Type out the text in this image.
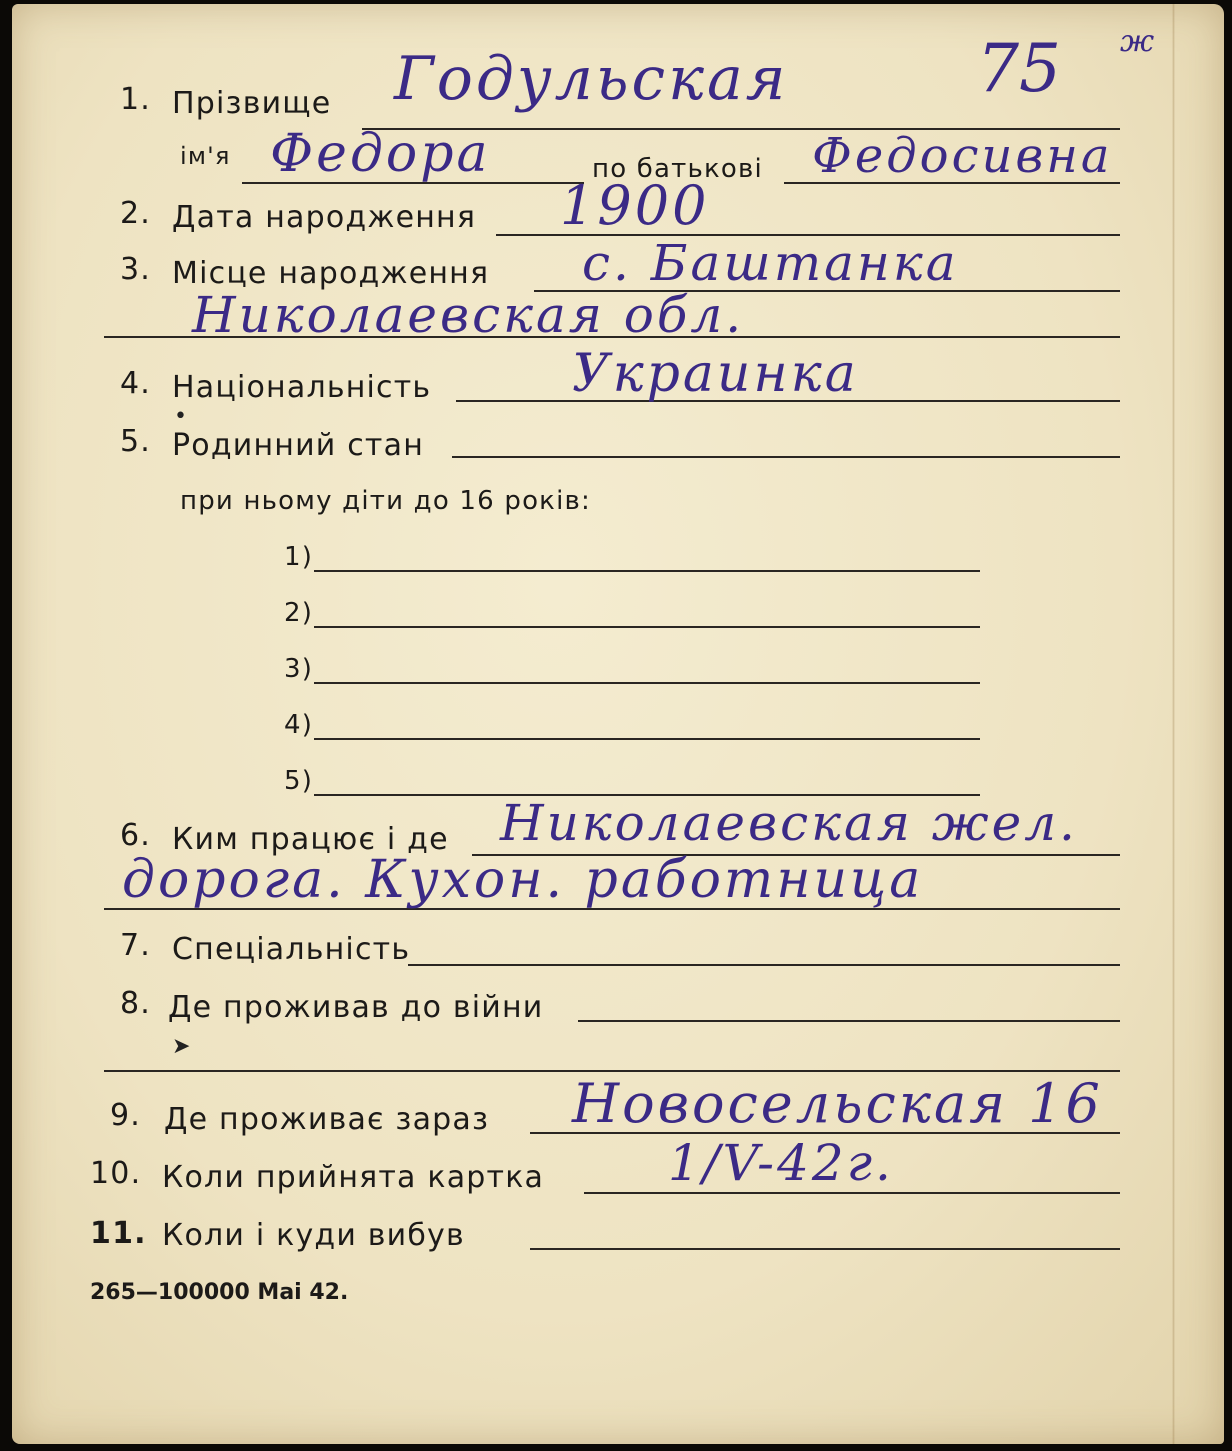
75 ж
1. Прізвище Годульская
ім'я Федора	по батькові Федосивна
2. Дата народження 1900
3. Місце народження с. Баштанка
Николаевская обл.
4. Національність	Украинка
•
5. Родинний стан
при ньому діти до 16 років:
1)
2)
3)
4)
5)
6. Ким працює і де Николаевская жел.
дорога. Кухон. работница
7. Спеціальність
8. Де проживав до війни
➤
9. Де проживає зараз Новосельская 16
10. Коли прийнята картка 1/V-42г.
11. Коли і куди вибув
265—100000 Mai 42.
